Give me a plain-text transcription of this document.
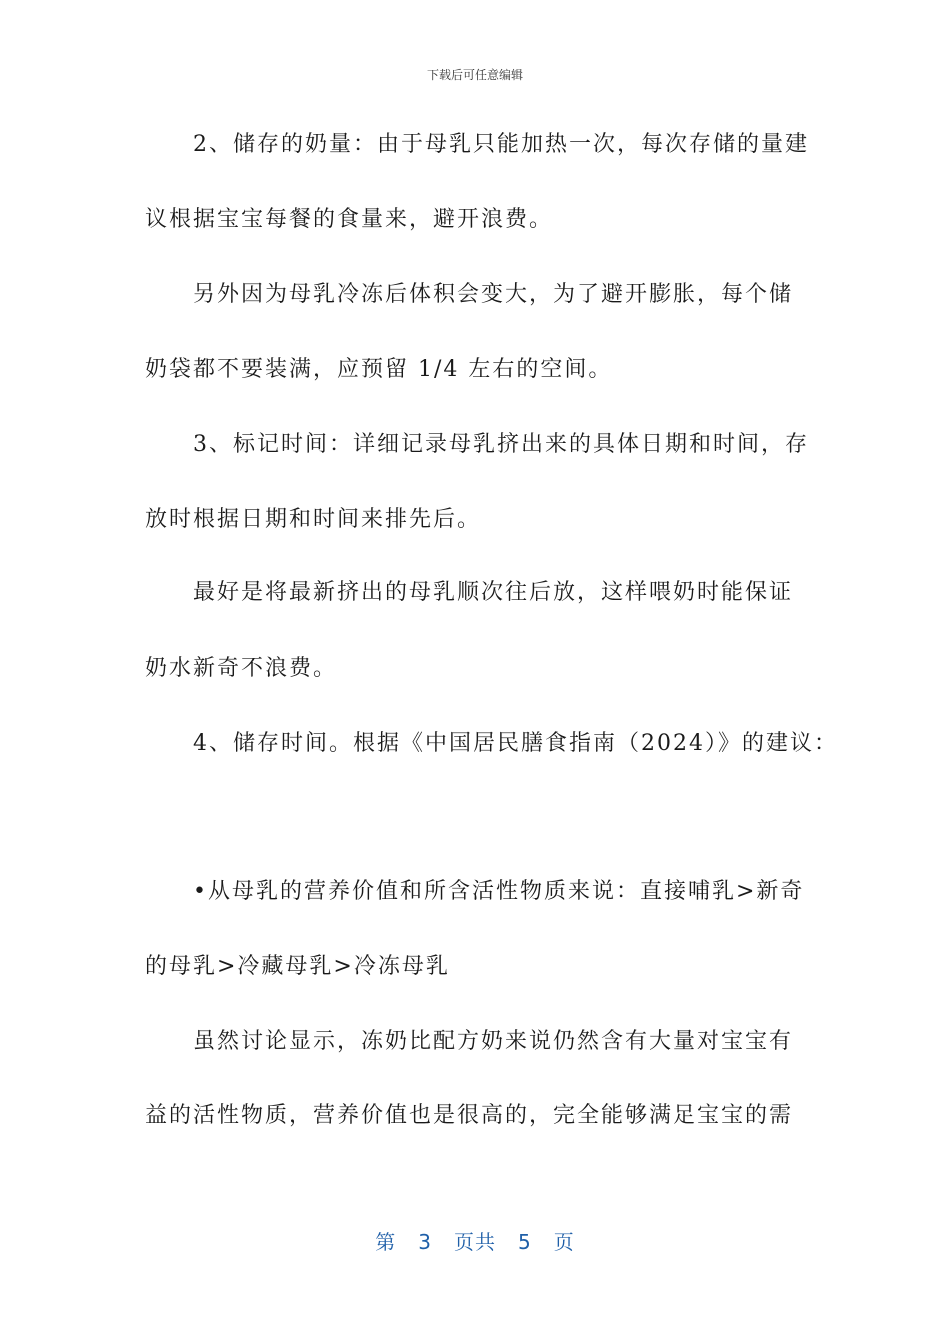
下载后可任意编辑
2、储存的奶量：由于母乳只能加热一次，每次存储的量建
议根据宝宝每餐的食量来，避开浪费。
另外因为母乳冷冻后体积会变大，为了避开膨胀，每个储
奶袋都不要装满，应预留 1/4 左右的空间。
3、标记时间：详细记录母乳挤出来的具体日期和时间，存
放时根据日期和时间来排先后。
最好是将最新挤出的母乳顺次往后放，这样喂奶时能保证
奶水新奇不浪费。
4、储存时间。根据《中国居民膳食指南（2024）》的建议：
•从母乳的营养价值和所含活性物质来说：直接哺乳>新奇
的母乳>冷藏母乳>冷冻母乳
虽然讨论显示，冻奶比配方奶来说仍然含有大量对宝宝有
益的活性物质，营养价值也是很高的，完全能够满足宝宝的需
第 3 页共 5 页
